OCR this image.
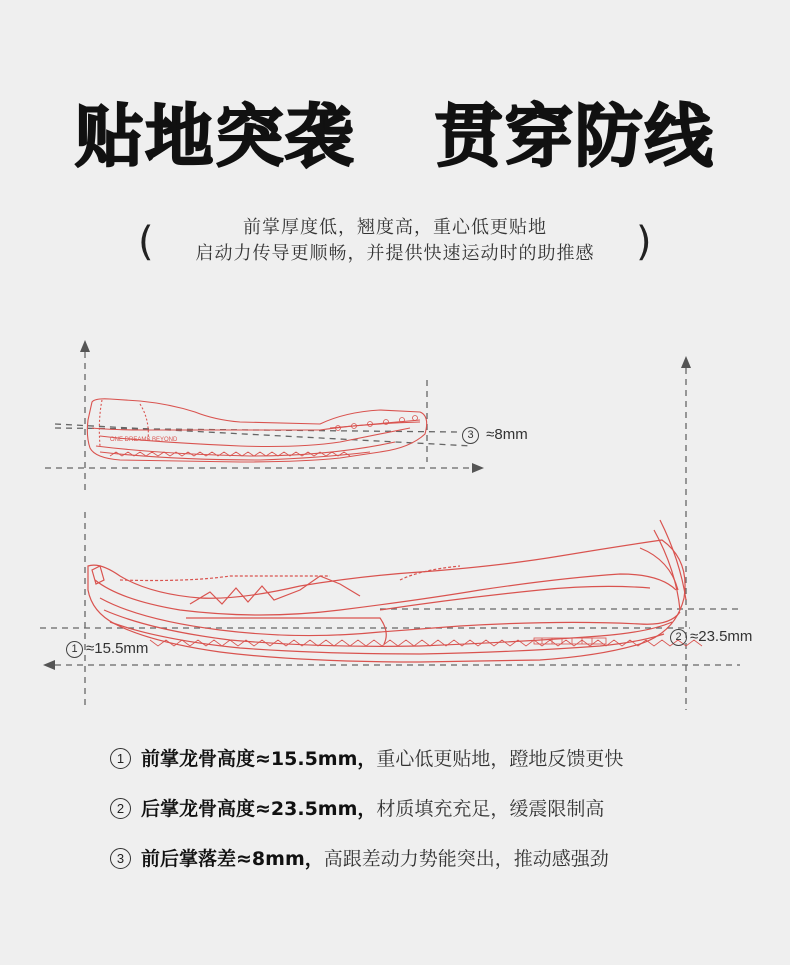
贴地突袭 贯穿防线
(	)
前掌厚度低，翘度高，重心低更贴地
启动力传导更顺畅，并提供快速运动时的助推感
ONE DREAMS BEYOND	3 ≈8mm
1 ≈15.5mm
2 ≈23.5mm
1 前掌龙骨高度≈15.5mm，重心低更贴地，蹬地反馈更快
2 后掌龙骨高度≈23.5mm，材质填充充足，缓震限制高
3 前后掌落差≈8mm，高跟差动力势能突出，推动感强劲
